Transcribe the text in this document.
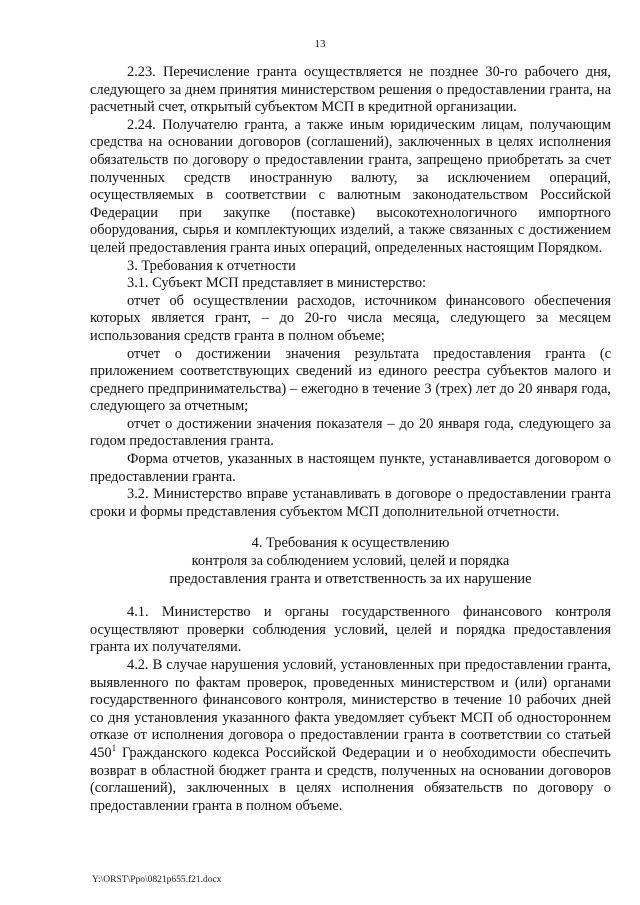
13

2.23. Перечисление гранта осуществляется не позднее 30-го рабочего дня, следующего за днем принятия министерством решения о предоставлении гранта, на расчетный счет, открытый субъектом МСП в кредитной организации.

2.24. Получателю гранта, а также иным юридическим лицам, получающим средства на основании договоров (соглашений), заключенных в целях исполнения обязательств по договору о предоставлении гранта, запрещено приобретать за счет полученных средств иностранную валюту, за исключением операций, осуществляемых в соответствии с валютным законодательством Российской Федерации при закупке (поставке) высокотехнологичного импортного оборудования, сырья и комплектующих изделий, а также связанных с достижением целей предоставления гранта иных операций, определенных настоящим Порядком.

3. Требования к отчетности

3.1. Субъект МСП представляет в министерство:

отчет об осуществлении расходов, источником финансового обеспечения которых является грант, – до 20-го числа месяца, следующего за месяцем использования средств гранта в полном объеме;

отчет о достижении значения результата предоставления гранта (с приложением соответствующих сведений из единого реестра субъектов малого и среднего предпринимательства) – ежегодно в течение 3 (трех) лет до 20 января года, следующего за отчетным;

отчет о достижении значения показателя – до 20 января года, следующего за годом предоставления гранта.

Форма отчетов, указанных в настоящем пункте, устанавливается договором о предоставлении гранта.

3.2. Министерство вправе устанавливать в договоре о предоставлении гранта сроки и формы представления субъектом МСП дополнительной отчетности.

4. Требования к осуществлению
контроля за соблюдением условий, целей и порядка
предоставления гранта и ответственность за их нарушение

4.1. Министерство и органы государственного финансового контроля осуществляют проверки соблюдения условий, целей и порядка предоставления гранта их получателями.

4.2. В случае нарушения условий, установленных при предоставлении гранта, выявленного по фактам проверок, проведенных министерством и (или) органами государственного финансового контроля, министерство в течение 10 рабочих дней со дня установления указанного факта уведомляет субъект МСП об одностороннем отказе от исполнения договора о предоставлении гранта в соответствии со статьей $450^1$ Гражданского кодекса Российской Федерации и о необходимости обеспечить возврат в областной бюджет гранта и средств, полученных на основании договоров (соглашений), заключенных в целях исполнения обязательств по договору о предоставлении гранта в полном объеме.

Y:\ORST\Ppo\0821p655.f21.docx
